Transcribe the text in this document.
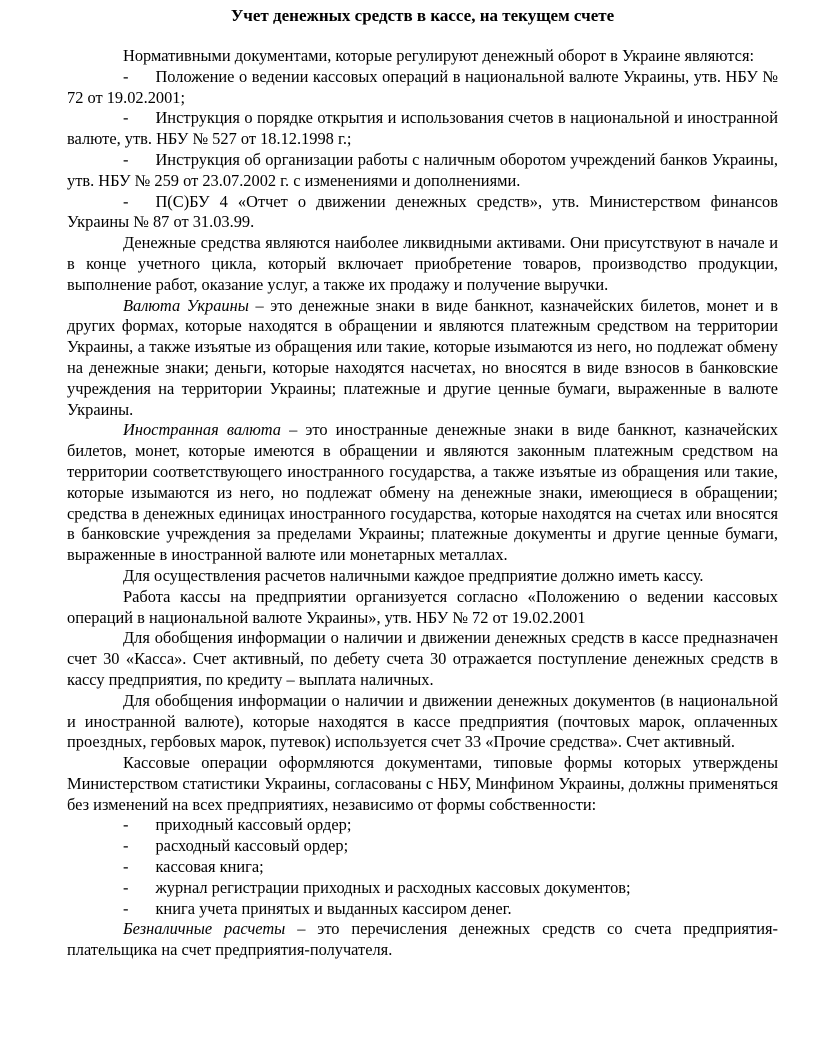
Учет денежных средств в кассе, на текущем счете

Нормативными документами, которые регулируют денежный оборот в Украине являются:

- Положение о ведении кассовых операций в национальной валюте Украины, утв. НБУ № 72 от 19.02.2001;

- Инструкция о порядке открытия и использования счетов в национальной и иностранной валюте, утв. НБУ № 527 от 18.12.1998 г.;

- Инструкция об организации работы с наличным оборотом учреждений банков Украины, утв. НБУ № 259 от 23.07.2002 г. с изменениями и дополнениями.

- П(С)БУ 4 «Отчет о движении денежных средств», утв. Министерством финансов Украины № 87 от 31.03.99.

Денежные средства являются наиболее ликвидными активами. Они присутствуют в начале и в конце учетного цикла, который включает приобретение товаров, производство продукции, выполнение работ, оказание услуг, а также их продажу и получение выручки.

Валюта Украины – это денежные знаки в виде банкнот, казначейских билетов, монет и в других формах, которые находятся в обращении и являются платежным средством на территории Украины, а также изъятые из обращения или такие, которые изымаются из него, но подлежат обмену на денежные знаки; деньги, которые находятся насчетах, но вносятся в виде взносов в банковские учреждения на территории Украины; платежные и другие ценные бумаги, выраженные в валюте Украины.

Иностранная валюта – это иностранные денежные знаки в виде банкнот, казначейских билетов, монет, которые имеются в обращении и являются законным платежным средством на территории соответствующего иностранного государства, а также изъятые из обращения или такие, которые изымаются из него, но подлежат обмену на денежные знаки, имеющиеся в обращении; средства в денежных единицах иностранного государства, которые находятся на счетах или вносятся в банковские учреждения за пределами Украины; платежные документы и другие ценные бумаги, выраженные в иностранной валюте или монетарных металлах.

Для осуществления расчетов наличными каждое предприятие должно иметь кассу.

Работа кассы на предприятии организуется согласно «Положению о ведении кассовых операций в национальной валюте Украины», утв. НБУ № 72 от 19.02.2001

Для обобщения информации о наличии и движении денежных средств в кассе предназначен счет 30 «Касса». Счет активный, по дебету счета 30 отражается поступление денежных средств в кассу предприятия, по кредиту – выплата наличных.

Для обобщения информации о наличии и движении денежных документов (в национальной и иностранной валюте), которые находятся в кассе предприятия (почтовых марок, оплаченных проездных, гербовых марок, путевок) используется счет 33 «Прочие средства». Счет активный.

Кассовые операции оформляются документами, типовые формы которых утверждены Министерством статистики Украины, согласованы с НБУ, Минфином Украины, должны применяться без изменений на всех предприятиях, независимо от формы собственности:

- приходный кассовый ордер;

- расходный кассовый ордер;

- кассовая книга;

- журнал регистрации приходных и расходных кассовых документов;

- книга учета принятых и выданных кассиром денег.

Безналичные расчеты – это перечисления денежных средств со счета предприятия-плательщика на счет предприятия-получателя.
